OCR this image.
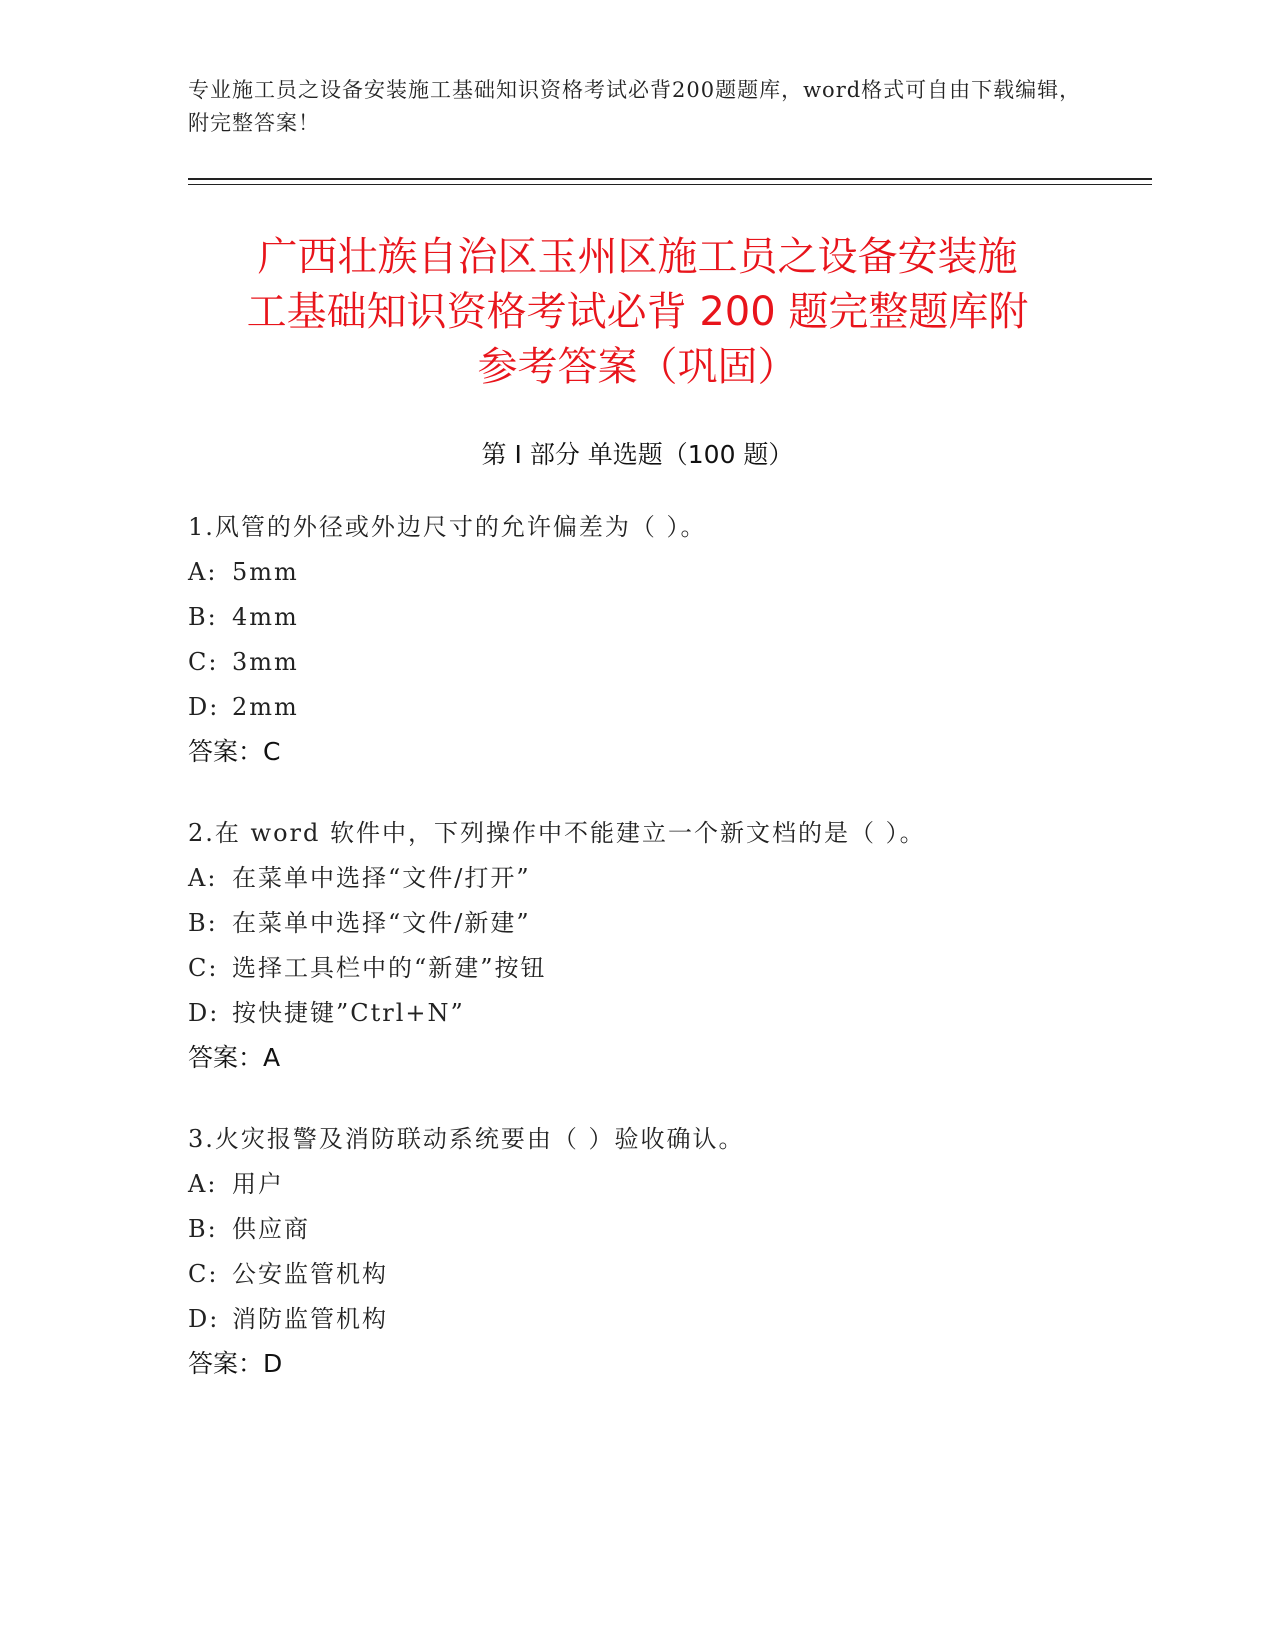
专业施工员之设备安装施工基础知识资格考试必背200题题库，word格式可自由下载编辑，附完整答案！
广西壮族自治区玉州区施工员之设备安装施
工基础知识资格考试必背 200 题完整题库附
参考答案（巩固）
第 I 部分 单选题（100 题）
1.风管的外径或外边尺寸的允许偏差为（ ）。
A: 5mm
B: 4mm
C: 3mm
D: 2mm
答案：C
2.在 word 软件中，下列操作中不能建立一个新文档的是（ ）。
A: 在菜单中选择“文件/打开”
B: 在菜单中选择“文件/新建”
C: 选择工具栏中的“新建”按钮
D: 按快捷键”Ctrl+N”
答案：A
3.火灾报警及消防联动系统要由（ ）验收确认。
A: 用户
B: 供应商
C: 公安监管机构
D: 消防监管机构
答案：D
